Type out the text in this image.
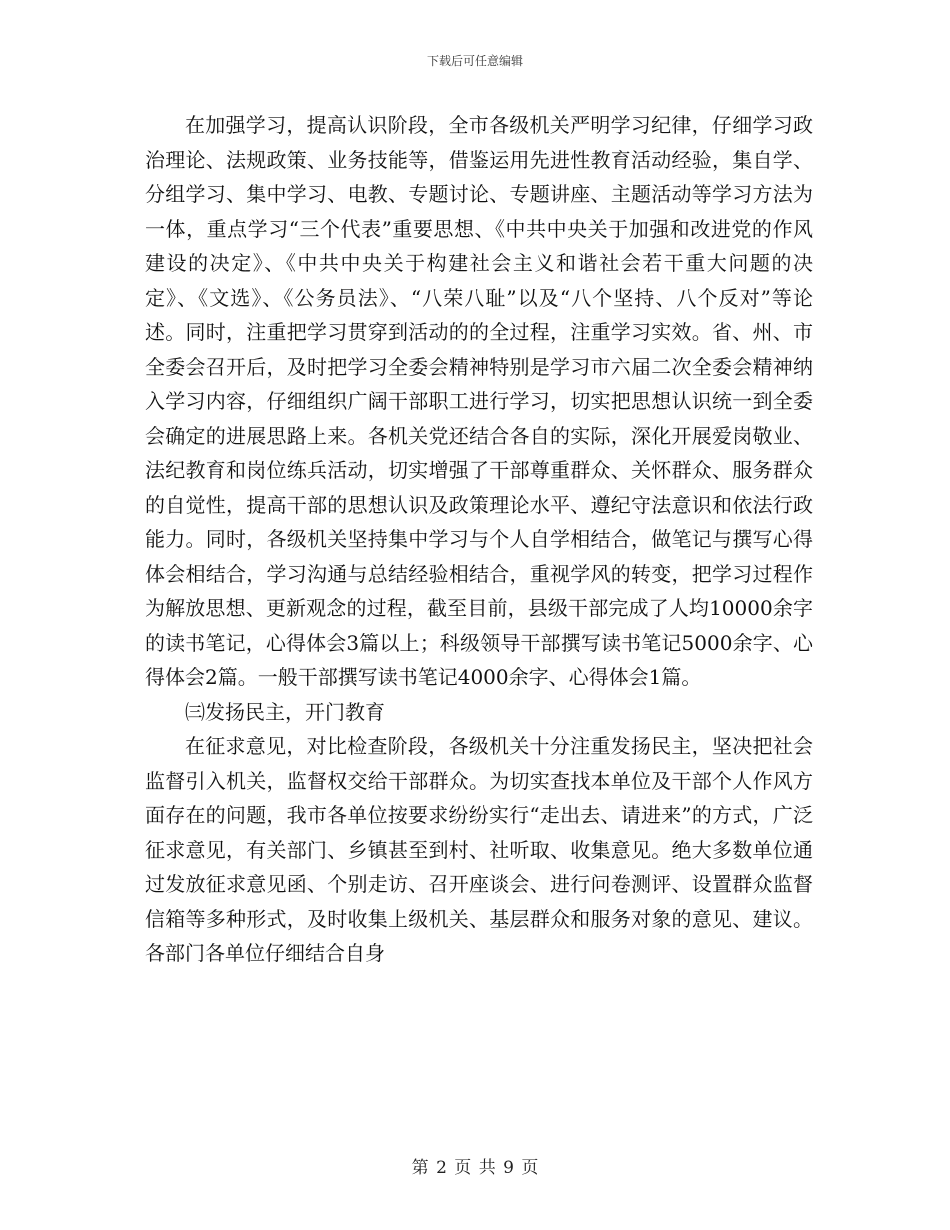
下载后可任意编辑

在加强学习，提高认识阶段，全市各级机关严明学习纪律，仔细学习政治理论、法规政策、业务技能等，借鉴运用先进性教育活动经验，集自学、分组学习、集中学习、电教、专题讨论、专题讲座、主题活动等学习方法为一体，重点学习“三个代表”重要思想、《中共中央关于加强和改进党的作风建设的决定》、《中共中央关于构建社会主义和谐社会若干重大问题的决定》、《文选》、《公务员法》、“八荣八耻”以及“八个坚持、八个反对”等论述。同时，注重把学习贯穿到活动的的全过程，注重学习实效。省、州、市全委会召开后，及时把学习全委会精神特别是学习市六届二次全委会精神纳入学习内容，仔细组织广阔干部职工进行学习，切实把思想认识统一到全委会确定的进展思路上来。各机关党还结合各自的实际，深化开展爱岗敬业、法纪教育和岗位练兵活动，切实增强了干部尊重群众、关怀群众、服务群众的自觉性，提高干部的思想认识及政策理论水平、遵纪守法意识和依法行政能力。同时，各级机关坚持集中学习与个人自学相结合，做笔记与撰写心得体会相结合，学习沟通与总结经验相结合，重视学风的转变，把学习过程作为解放思想、更新观念的过程，截至目前，县级干部完成了人均10000余字的读书笔记，心得体会3篇以上；科级领导干部撰写读书笔记5000余字、心得体会2篇。一般干部撰写读书笔记4000余字、心得体会1篇。

㈢发扬民主，开门教育

在征求意见，对比检查阶段，各级机关十分注重发扬民主，坚决把社会监督引入机关，监督权交给干部群众。为切实查找本单位及干部个人作风方面存在的问题，我市各单位按要求纷纷实行“走出去、请进来”的方式，广泛征求意见，有关部门、乡镇甚至到村、社听取、收集意见。绝大多数单位通过发放征求意见函、个别走访、召开座谈会、进行问卷测评、设置群众监督信箱等多种形式，及时收集上级机关、基层群众和服务对象的意见、建议。各部门各单位仔细结合自身

第 2 页 共 9 页
